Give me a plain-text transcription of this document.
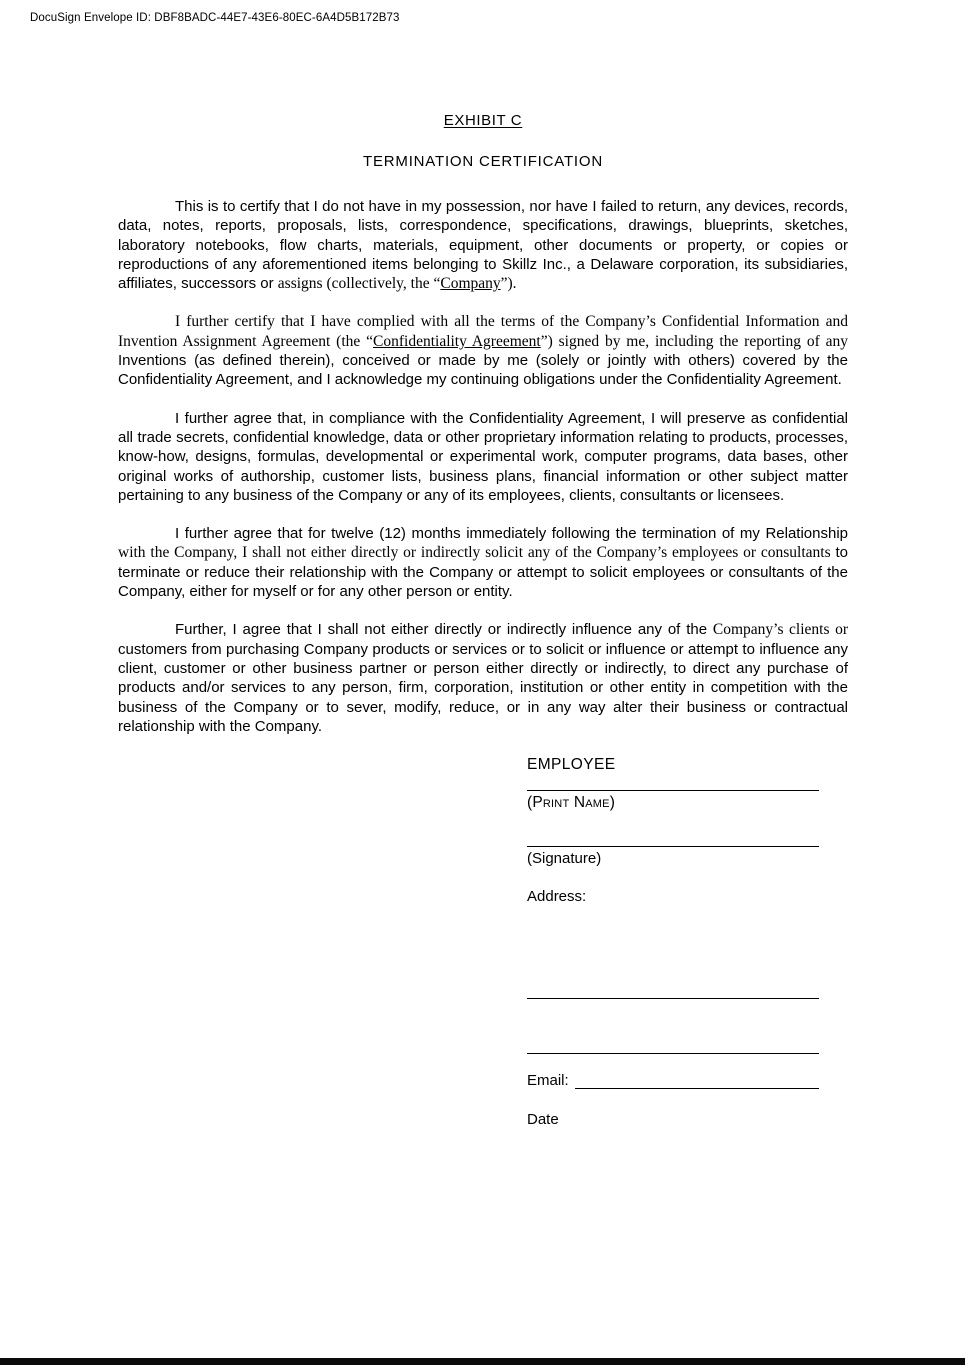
DocuSign Envelope ID: DBF8BADC-44E7-43E6-80EC-6A4D5B172B73
EXHIBIT C
TERMINATION CERTIFICATION

This is to certify that I do not have in my possession, nor have I failed to return, any devices, records, data, notes, reports, proposals, lists, correspondence, specifications, drawings, blueprints, sketches, laboratory notebooks, flow charts, materials, equipment, other documents or property, or copies or reproductions of any aforementioned items belonging to Skillz Inc., a Delaware corporation, its subsidiaries, affiliates, successors or assigns (collectively, the “Company”).

I further certify that I have complied with all the terms of the Company’s Confidential Information and Invention Assignment Agreement (the “Confidentiality Agreement”) signed by me, including the reporting of any Inventions (as defined therein), conceived or made by me (solely or jointly with others) covered by the Confidentiality Agreement, and I acknowledge my continuing obligations under the Confidentiality Agreement.

I further agree that, in compliance with the Confidentiality Agreement, I will preserve as confidential all trade secrets, confidential knowledge, data or other proprietary information relating to products, processes, know-how, designs, formulas, developmental or experimental work, computer programs, data bases, other original works of authorship, customer lists, business plans, financial information or other subject matter pertaining to any business of the Company or any of its employees, clients, consultants or licensees.

I further agree that for twelve (12) months immediately following the termination of my Relationship with the Company, I shall not either directly or indirectly solicit any of the Company’s employees or consultants to terminate or reduce their relationship with the Company or attempt to solicit employees or consultants of the Company, either for myself or for any other person or entity.

Further, I agree that I shall not either directly or indirectly influence any of the Company’s clients or customers from purchasing Company products or services or to solicit or influence or attempt to influence any client, customer or other business partner or person either directly or indirectly, to direct any purchase of products and/or services to any person, firm, corporation, institution or other entity in competition with the business of the Company or to sever, modify, reduce, or in any way alter their business or contractual relationship with the Company.

EMPLOYEE
(Print Name)
(Signature)
Address:
Email:
Date
